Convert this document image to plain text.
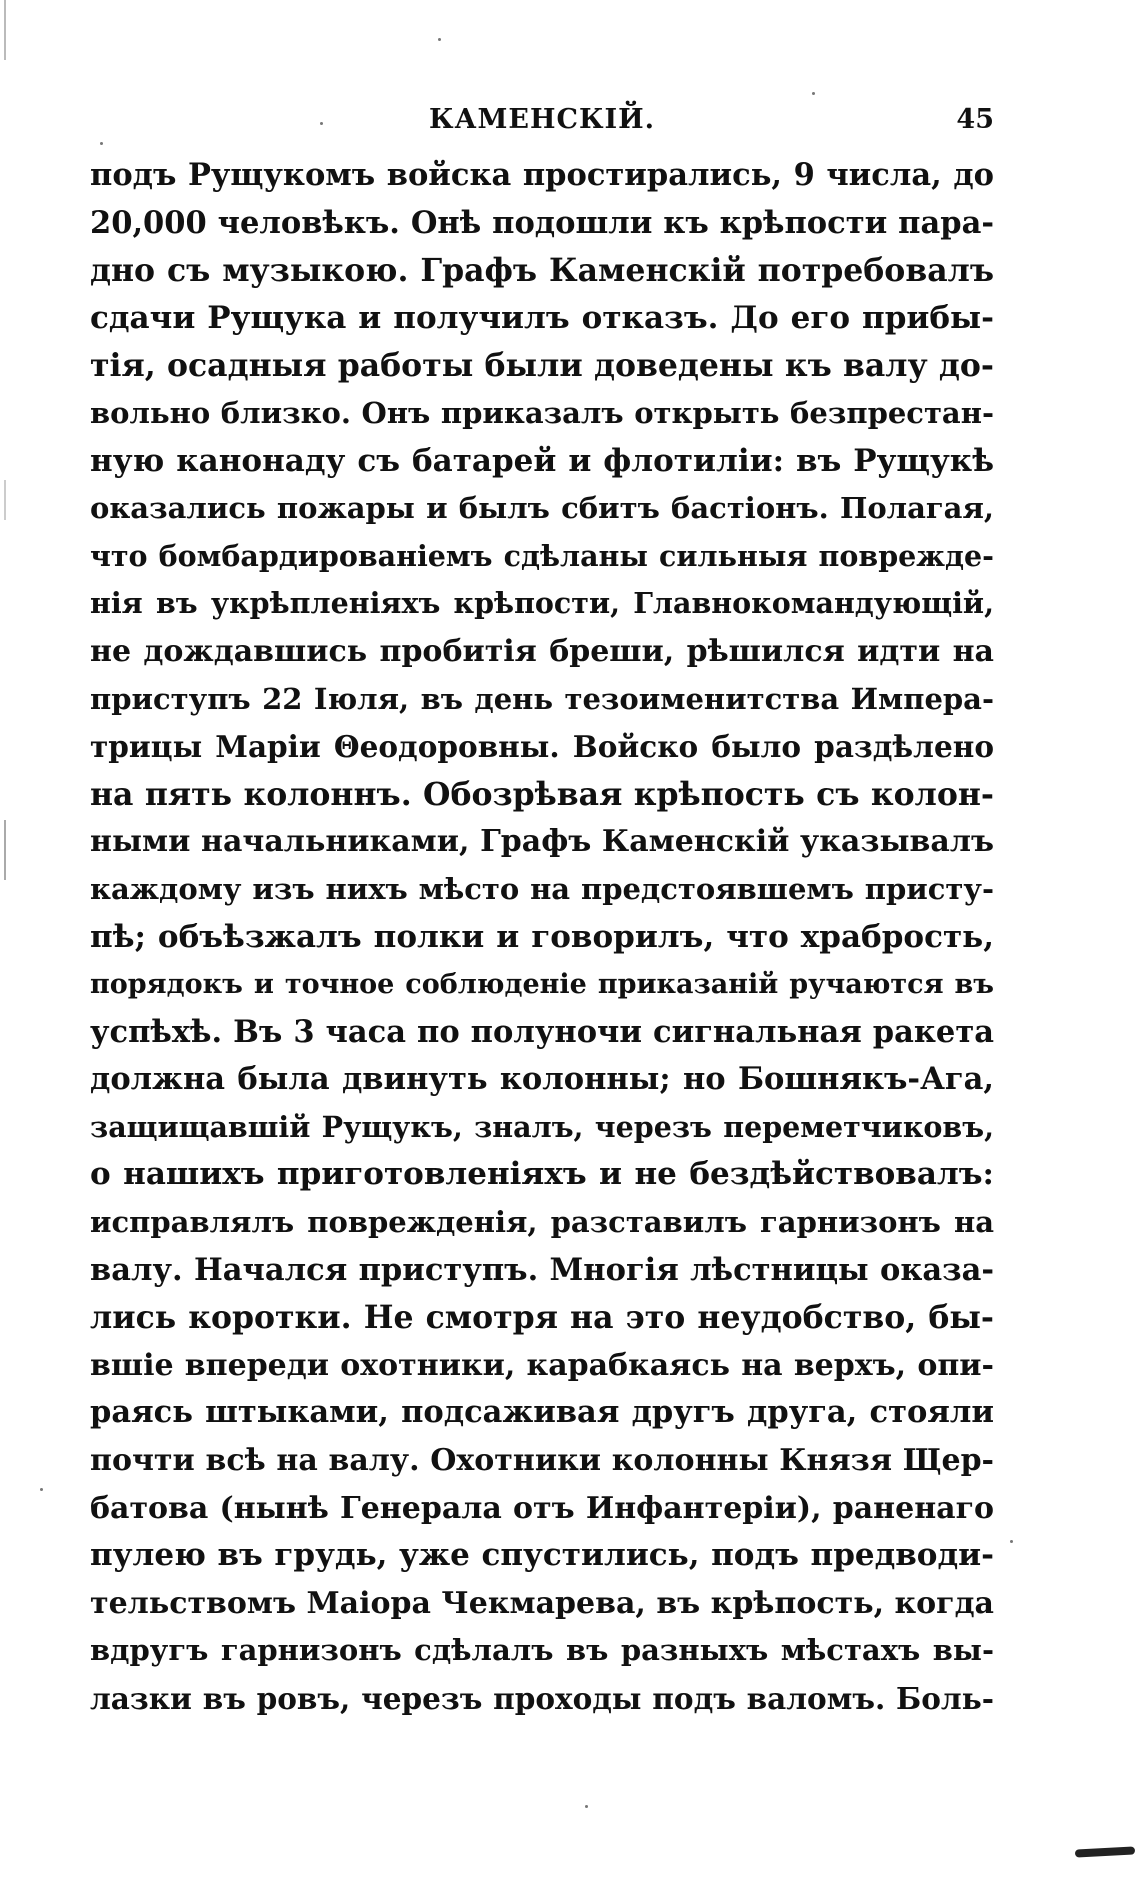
КАМЕНСКІЙ.	45
подъ Рущукомъ войска простирались, 9 числа, до
20,000 человѣкъ. Онѣ подошли къ крѣпости пара-
дно съ музыкою. Графъ Каменскій потребовалъ
сдачи Рущука и получилъ отказъ. До его прибы-
тія, осадныя работы были доведены къ валу до-
вольно близко. Онъ приказалъ открыть безпрестан-
ную канонаду съ батарей и флотиліи: въ Рущукѣ
оказались пожары и былъ сбитъ бастіонъ. Полагая,
что бомбардированіемъ сдѣланы сильныя поврежде-
нія въ укрѣпленіяхъ крѣпости, Главнокомандующій,
не дождавшись пробитія бреши, рѣшился идти на
приступъ 22 Іюля, въ день тезоименитства Импера-
трицы Маріи Θеодоровны. Войско было раздѣлено
на пять колоннъ. Обозрѣвая крѣпость съ колон-
ными начальниками, Графъ Каменскій указывалъ
каждому изъ нихъ мѣсто на предстоявшемъ присту-
пѣ; объѣзжалъ полки и говорилъ, что храбрость,
порядокъ и точное соблюденіе приказаній ручаются въ
успѣхѣ. Въ 3 часа по полуночи сигнальная ракета
должна была двинуть колонны; но Бошнякъ-Ага,
защищавшій Рущукъ, зналъ, черезъ переметчиковъ,
о нашихъ приготовленіяхъ и не бездѣйствовалъ:
исправлялъ поврежденія, разставилъ гарнизонъ на
валу. Начался приступъ. Многія лѣстницы оказа-
лись коротки. Не смотря на это неудобство, бы-
вшіе впереди охотники, карабкаясь на верхъ, опи-
раясь штыками, подсаживая другъ друга, стояли
почти всѣ на валу. Охотники колонны Князя Щер-
батова (нынѣ Генерала отъ Инфантеріи), раненаго
пулею въ грудь, уже спустились, подъ предводи-
тельствомъ Маіора Чекмарева, въ крѣпость, когда
вдругъ гарнизонъ сдѣлалъ въ разныхъ мѣстахъ вы-
лазки въ ровъ, черезъ проходы подъ валомъ. Боль-
